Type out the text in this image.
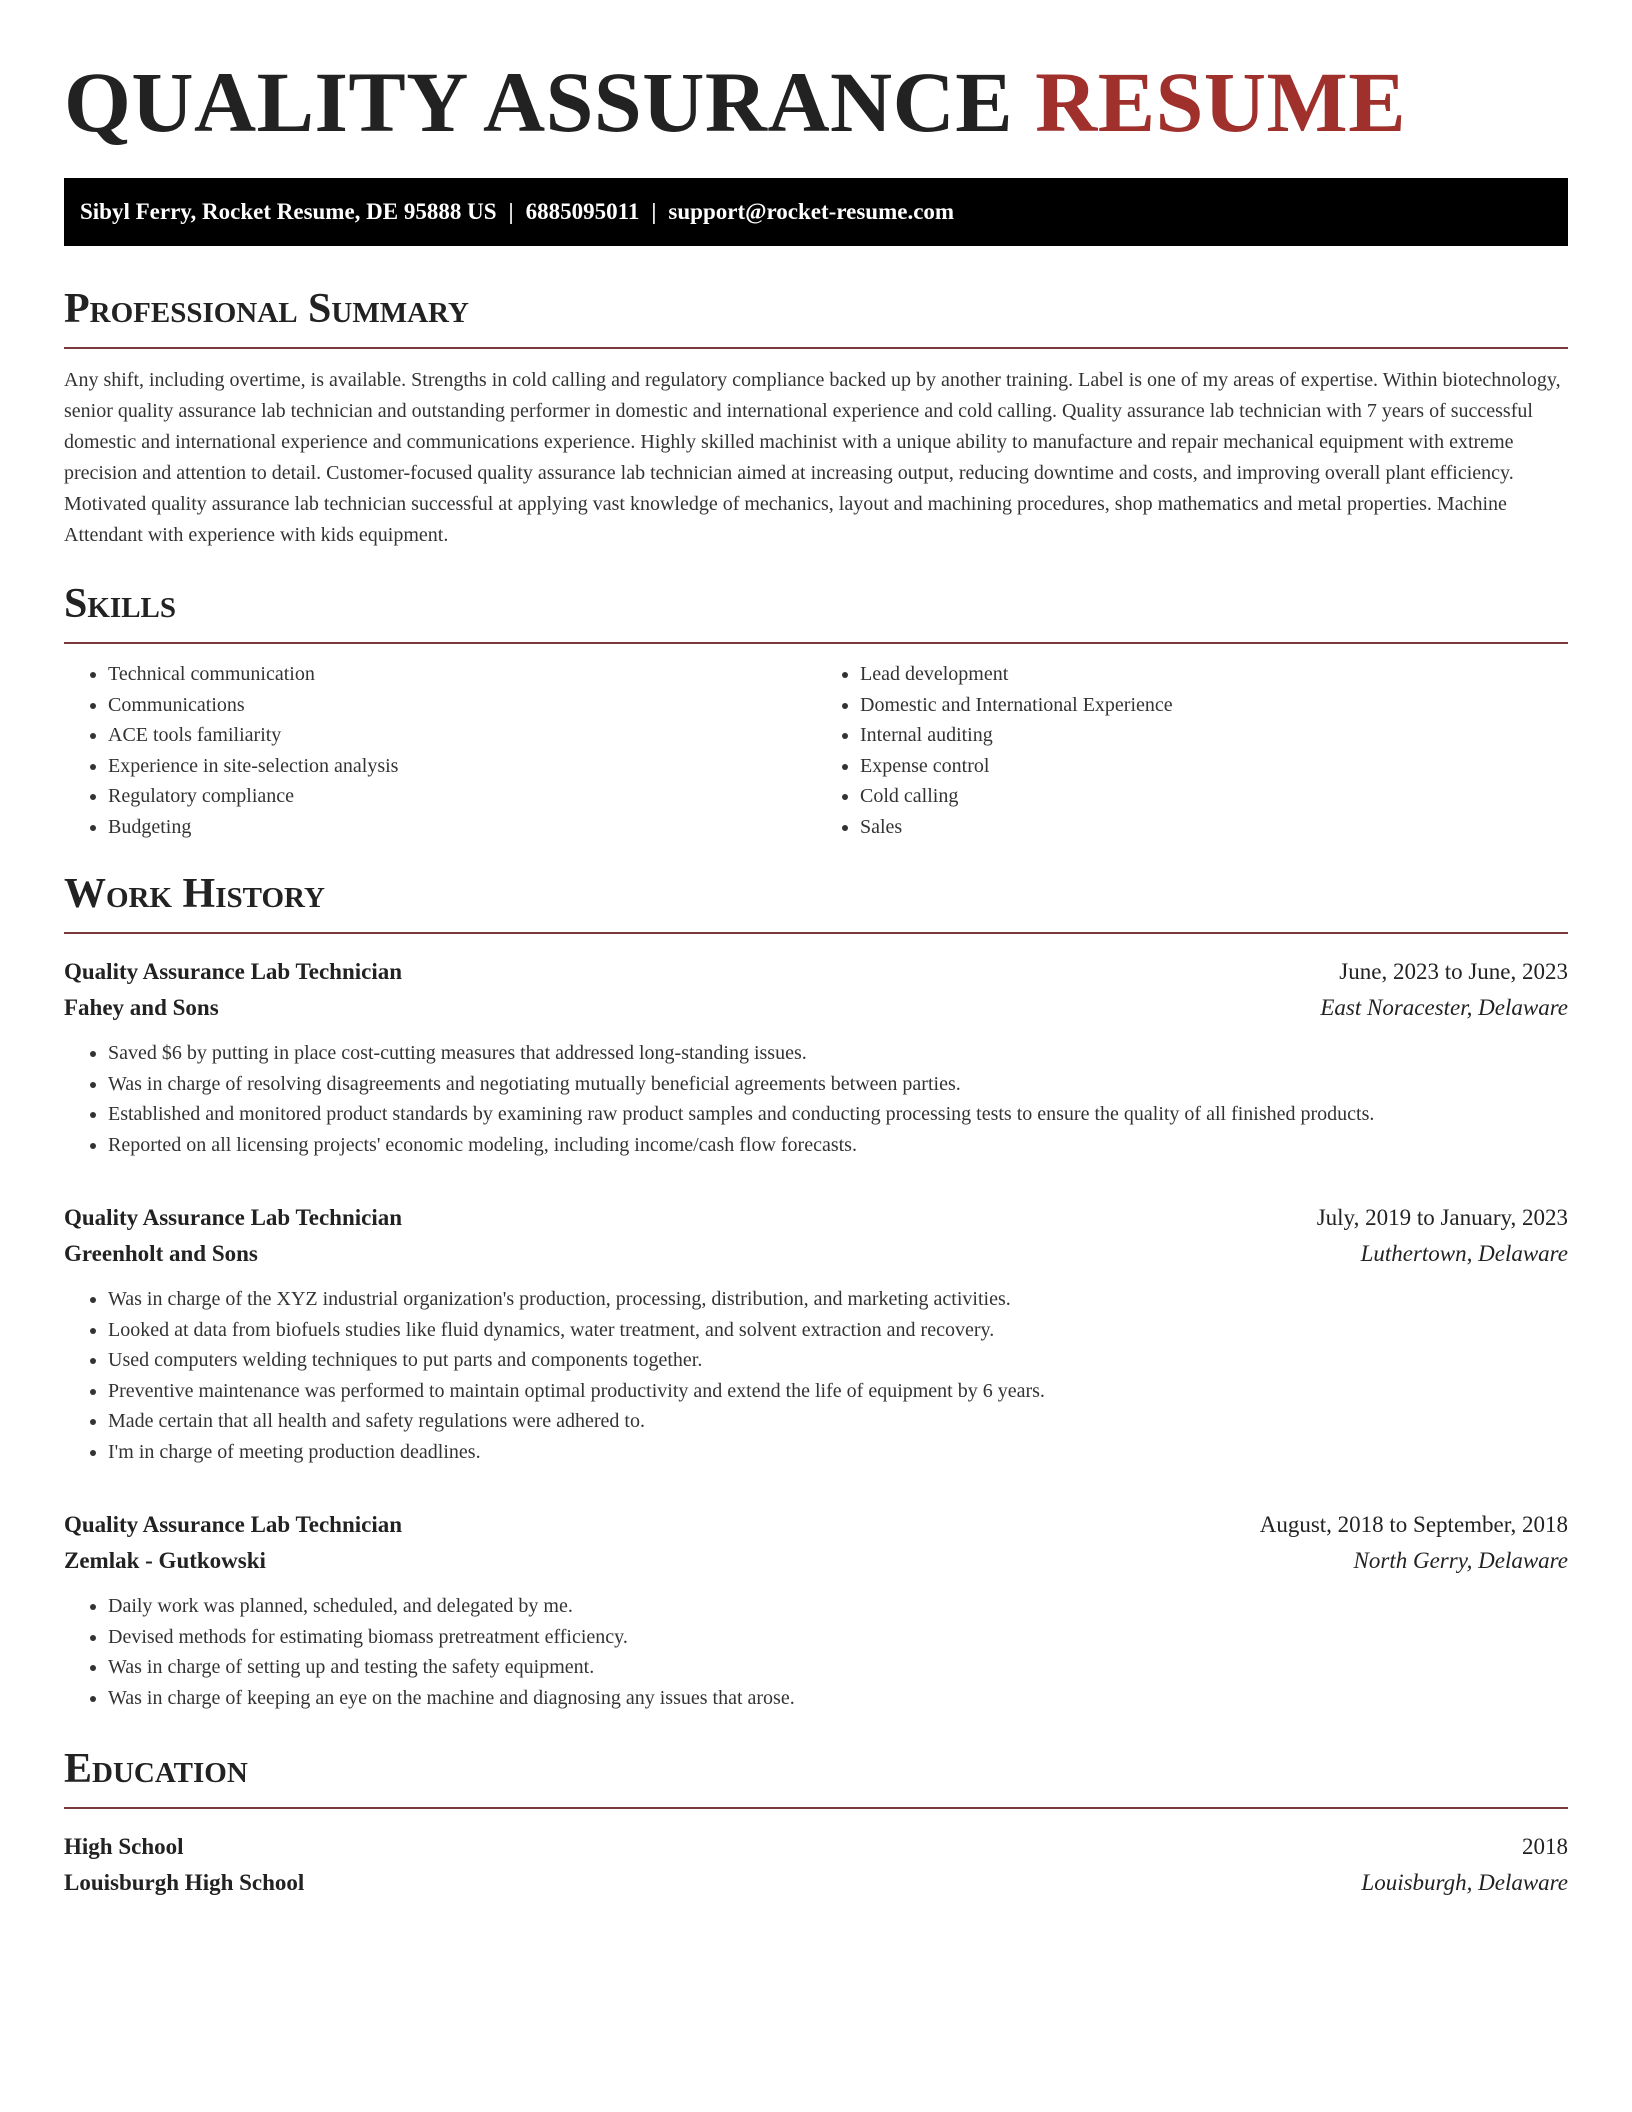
QUALITY ASSURANCE RESUME
Sibyl Ferry, Rocket Resume, DE 95888 US | 6885095011 | support@rocket-resume.com
Professional Summary

Any shift, including overtime, is available. Strengths in cold calling and regulatory compliance backed up by another training. Label is one of my areas of expertise. Within biotechnology, senior quality assurance lab technician and outstanding performer in domestic and international experience and cold calling. Quality assurance lab technician with 7 years of successful domestic and international experience and communications experience. Highly skilled machinist with a unique ability to manufacture and repair mechanical equipment with extreme precision and attention to detail. Customer-focused quality assurance lab technician aimed at increasing output, reducing downtime and costs, and improving overall plant efficiency. Motivated quality assurance lab technician successful at applying vast knowledge of mechanics, layout and machining procedures, shop mathematics and metal properties. Machine Attendant with experience with kids equipment.

Skills
• Technical communication
• Communications
• ACE tools familiarity
• Experience in site-selection analysis
• Regulatory compliance
• Budgeting
• Lead development
• Domestic and International Experience
• Internal auditing
• Expense control
• Cold calling
• Sales
Work History
Quality Assurance Lab Technician	June, 2023 to June, 2023
Fahey and Sons	East Noracester, Delaware
• Saved $6 by putting in place cost-cutting measures that addressed long-standing issues.
• Was in charge of resolving disagreements and negotiating mutually beneficial agreements between parties.
• Established and monitored product standards by examining raw product samples and conducting processing tests to ensure the quality of all finished products.
• Reported on all licensing projects' economic modeling, including income/cash flow forecasts.
Quality Assurance Lab Technician	July, 2019 to January, 2023
Greenholt and Sons	Luthertown, Delaware
• Was in charge of the XYZ industrial organization's production, processing, distribution, and marketing activities.
• Looked at data from biofuels studies like fluid dynamics, water treatment, and solvent extraction and recovery.
• Used computers welding techniques to put parts and components together.
• Preventive maintenance was performed to maintain optimal productivity and extend the life of equipment by 6 years.
• Made certain that all health and safety regulations were adhered to.
• I'm in charge of meeting production deadlines.
Quality Assurance Lab Technician	August, 2018 to September, 2018
Zemlak - Gutkowski	North Gerry, Delaware
• Daily work was planned, scheduled, and delegated by me.
• Devised methods for estimating biomass pretreatment efficiency.
• Was in charge of setting up and testing the safety equipment.
• Was in charge of keeping an eye on the machine and diagnosing any issues that arose.
Education
High School	2018
Louisburgh High School	Louisburgh, Delaware
